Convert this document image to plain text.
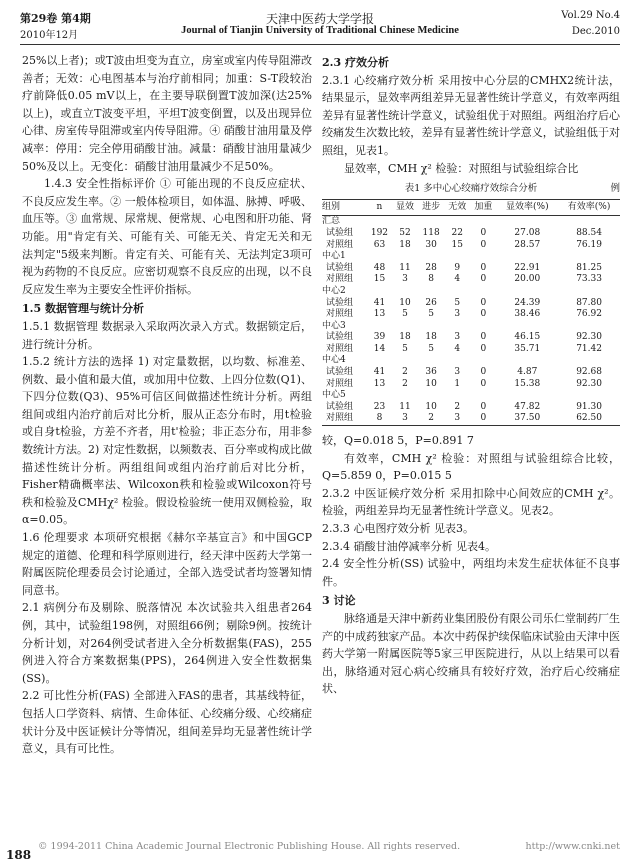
第29卷 第4期
2010年12月
天津中医药大学学报
Journal of Tianjin University of Traditional Chinese Medicine
Vol.29 No.4
Dec.2010

25%以上者)；或T波由坦变为直立，房室或室内传导阻滞改善者；无效：心电图基本与治疗前相同；加重：S-T段较治疗前降低0.05 mV以上，在主要导联倒置T波加深(达25%以上)，或直立T波变平坦，平坦T波变倒置，以及出现异位心律、房室传导阻滞或室内传导阻滞。④ 硝酸甘油用量及停减率：停用：完全停用硝酸甘油。减量：硝酸甘油用量减少50%及以上。无变化：硝酸甘油用量减少不足50%。

1.4.3 安全性指标评价 ① 可能出现的不良反应症状、不良反应发生率。② 一般体检项目，如体温、脉搏、呼吸、血压等。③ 血常规、尿常规、便常规、心电图和肝功能、肾功能。用"肯定有关、可能有关、可能无关、肯定无关和无法判定"5级来判断。肯定有关、可能有关、无法判定3项可视为药物的不良反应。应密切观察不良反应的出现，以不良反应发生率为主要安全性评价指标。

1.5 数据管理与统计分析

1.5.1 数据管理 数据录入采取两次录入方式。数据锁定后，进行统计分析。

1.5.2 统计方法的选择 1) 对定量数据，以均数、标准差、例数、最小值和最大值，或加用中位数、上四分位数(Q1)、下四分位数(Q3)、95%可信区间做描述性统计分析。两组组间或组内治疗前后对比分析，服从正态分布时，用t检验或自身t检验，方差不齐者，用t'检验；非正态分布，用非参数统计方法。2) 对定性数据，以频数表、百分率或构成比做描述性统计分析。两组组间或组内治疗前后对比分析，Fisher精确概率法、Wilcoxon秩和检验或Wilcoxon符号秩和检验及CMHχ² 检验。假设检验统一使用双侧检验，取α=0.05。

1.6 伦理要求 本项研究根据《赫尔辛基宣言》和中国GCP规定的道德、伦理和科学原则进行，经天津中医药大学第一附属医院伦理委员会讨论通过，全部入选受试者均签署知情同意书。

2.1 病例分布及剔除、脱落情况 本次试验共入组患者264例，其中，试验组198例，对照组66例；剔除9例。按统计分析计划，对264例受试者进入全分析数据集(FAS)，255例进入符合方案数据集(PPS)，264例进入安全性数据集(SS)。

2.2 可比性分析(FAS) 全部进入FAS的患者，其基线特征，包括人口学资料、病情、生命体征、心绞痛分级、心绞痛症状计分及中医证候计分等情况，组间差异均无显著性统计学意义，具有可比性。

2.3 疗效分析

2.3.1 心绞痛疗效分析 采用按中心分层的CMHX2统计法，结果显示，显效率两组差异无显著性统计学意义，有效率两组差异有显著性统计学意义，试验组优于对照组。两组治疗后心绞痛发生次数比较，差异有显著性统计学意义，试验组低于对照组，见表1。

显效率，CMH χ² 检验：对照组与试验组综合比

表1 多中心心绞痛疗效综合分析	例
组别	n	显效	进步	无效	加重	显效率(%)	有效率(%)
汇总							
试验组	192	52	118	22	0	27.08	88.54
对照组	63	18	30	15	0	28.57	76.19
中心1							
试验组	48	11	28	9	0	22.91	81.25
对照组	15	3	8	4	0	20.00	73.33
中心2							
试验组	41	10	26	5	0	24.39	87.80
对照组	13	5	5	3	0	38.46	76.92
中心3							
试验组	39	18	18	3	0	46.15	92.30
对照组	14	5	5	4	0	35.71	71.42
中心4							
试验组	41	2	36	3	0	4.87	92.68
对照组	13	2	10	1	0	15.38	92.30
中心5							
试验组	23	11	10	2	0	47.82	91.30
对照组	8	3	2	3	0	37.50	62.50

较，Q=0.018 5，P=0.891 7

有效率，CMH χ² 检验：对照组与试验组综合比较，Q=5.859 0，P=0.015 5

2.3.2 中医证候疗效分析 采用扣除中心间效应的CMH χ²。检验，两组差异均无显著性统计学意义。见表2。

2.3.3 心电图疗效分析 见表3。

2.3.4 硝酸甘油停减率分析 见表4。

2.4 安全性分析(SS) 试验中，两组均未发生症状体征不良事件。

3 讨论

脉络通是天津中新药业集团股份有限公司乐仁堂制药厂生产的中成药独家产品。本次中药保护续保临床试验由天津中医药大学第一附属医院等5家三甲医院进行，从以上结果可以看出，脉络通对冠心病心绞痛具有较好疗效，治疗后心绞痛症状、

© 1994-2011 China Academic Journal Electronic Publishing House. All rights reserved.	http://www.cnki.net
188
